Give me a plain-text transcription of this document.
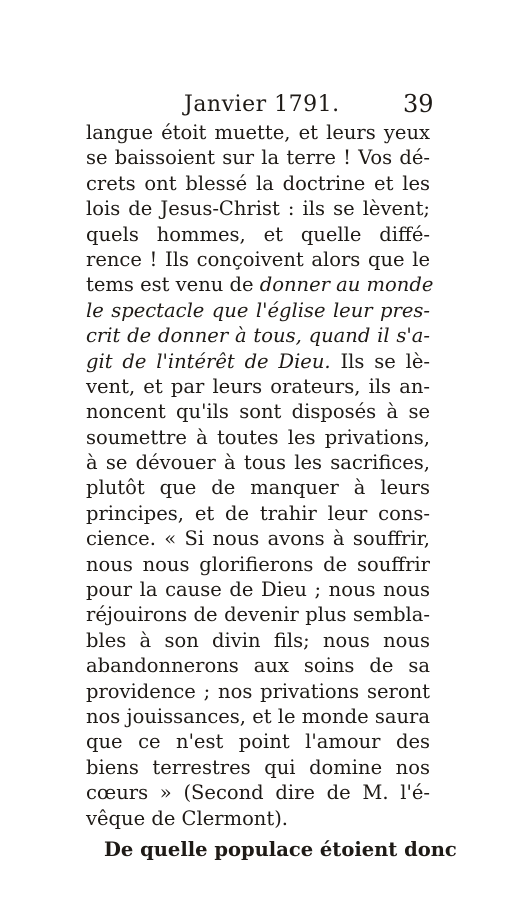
Janvier 1791.	39
langue étoit muette, et leurs yeux
se baissoient sur la terre ! Vos dé-
crets ont blessé la doctrine et les
lois de Jesus-Christ : ils se lèvent;
quels hommes, et quelle diffé-
rence ! Ils conçoivent alors que le
tems est venu de donner au monde
le spectacle que l'église leur pres-
crit de donner à tous, quand il s'a-
git de l'intérêt de Dieu. Ils se lè-
vent, et par leurs orateurs, ils an-
noncent qu'ils sont disposés à se
soumettre à toutes les privations,
à se dévouer à tous les sacrifices,
plutôt que de manquer à leurs
principes, et de trahir leur cons-
cience. « Si nous avons à souffrir,
nous nous glorifierons de souffrir
pour la cause de Dieu ; nous nous
réjouirons de devenir plus sembla-
bles à son divin fils; nous nous
abandonnerons aux soins de sa
providence ; nos privations seront
nos jouissances, et le monde saura
que ce n'est point l'amour des
biens terrestres qui domine nos
cœurs » (Second dire de M. l'é-
vêque de Clermont).
De quelle populace étoient donc
